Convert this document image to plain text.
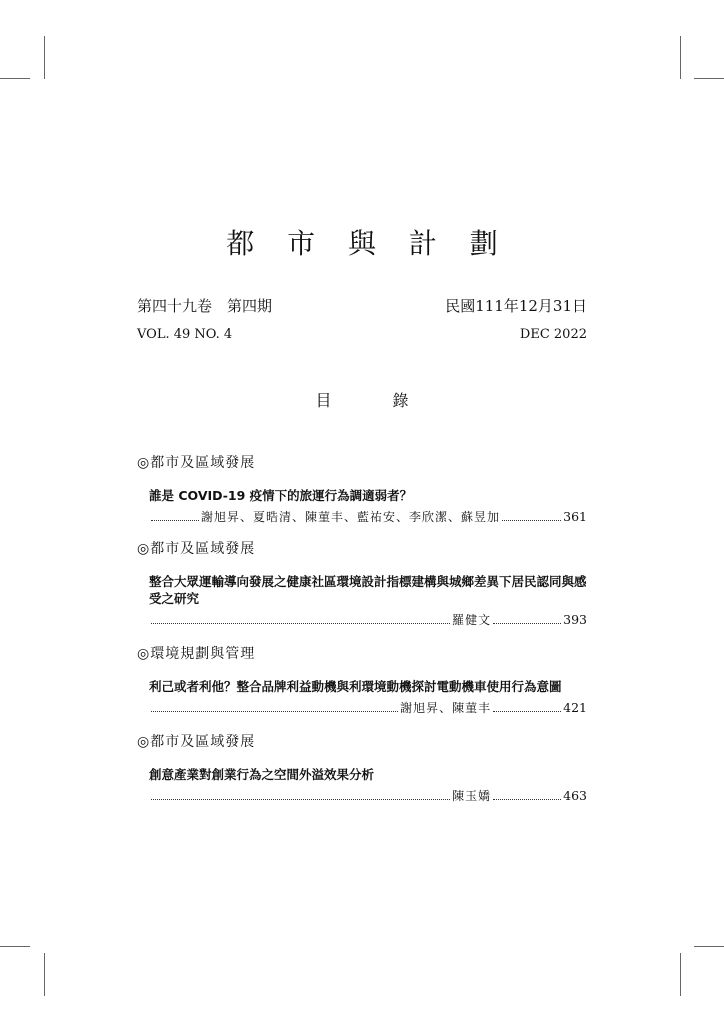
都 市 與 計 劃
第四十九卷　第四期	民國111年12月31日
VOL. 49 NO. 4	DEC 2022
目 錄
◎都市及區域發展
誰是 COVID-19 疫情下的旅運行為調適弱者？
謝旭昇、夏晧清、陳菫丰、藍祐安、李欣潔、蘇昱加	361
◎都市及區域發展
整合大眾運輸導向發展之健康社區環境設計指標建構與城鄉差異下居民認同與感受之研究
羅健文	393
◎環境規劃與管理
利己或者利他？整合品牌利益動機與利環境動機探討電動機車使用行為意圖
謝旭昇、陳菫丰	421
◎都市及區域發展
創意產業對創業行為之空間外溢效果分析
陳玉嬌	463
